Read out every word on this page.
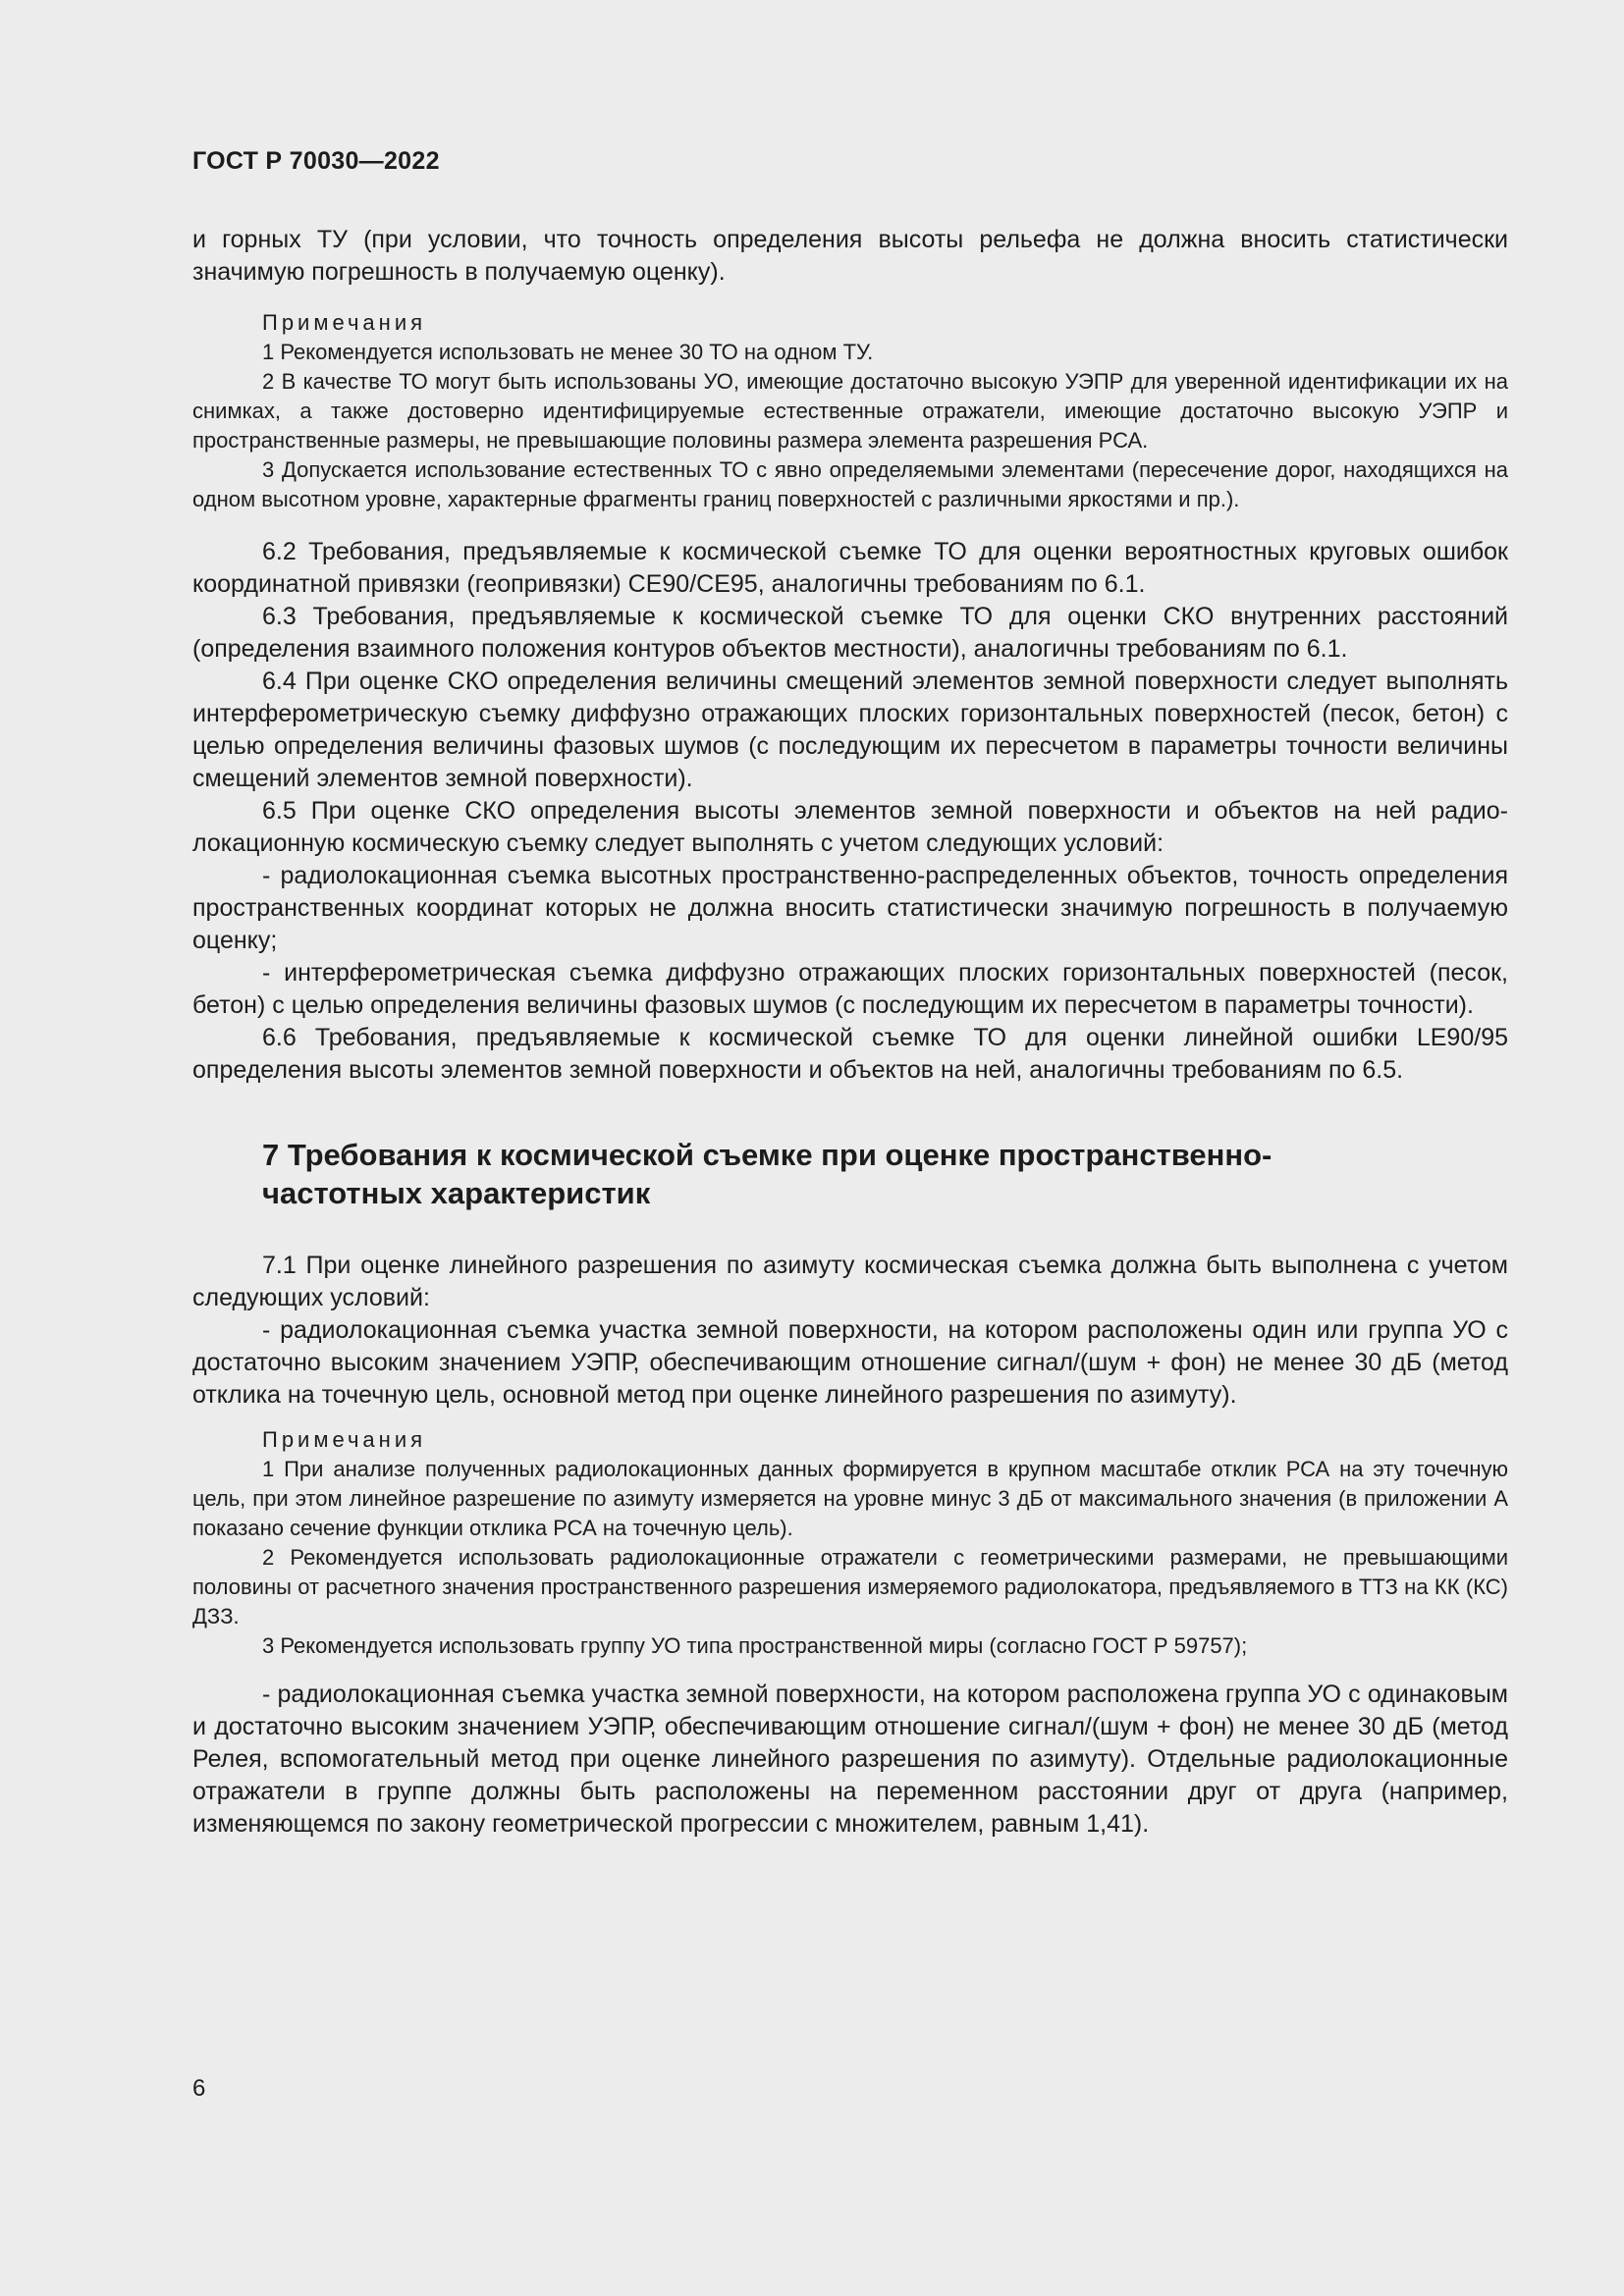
ГОСТ Р 70030—2022

и горных ТУ (при условии, что точность определения высоты рельефа не должна вносить статистически значимую погрешность в получаемую оценку).

Примечания

1 Рекомендуется использовать не менее 30 ТО на одном ТУ.

2 В качестве ТО могут быть использованы УО, имеющие достаточно высокую УЭПР для уверенной идентификации их на снимках, а также достоверно идентифицируемые естественные отражатели, имеющие достаточно высокую УЭПР и пространственные размеры, не превышающие половины размера элемента разрешения РСА.

3 Допускается использование естественных ТО с явно определяемыми элементами (пересечение дорог, находящихся на одном высотном уровне, характерные фрагменты границ поверхностей с различными яркостями и пр.).

6.2 Требования, предъявляемые к космической съемке ТО для оценки вероятностных круговых ошибок координатной привязки (геопривязки) СЕ90/СЕ95, аналогичны требованиям по 6.1.

6.3 Требования, предъявляемые к космической съемке ТО для оценки СКО внутренних расстояний (определения взаимного положения контуров объектов местности), аналогичны требованиям по 6.1.

6.4 При оценке СКО определения величины смещений элементов земной поверхности следует выполнять интерферометрическую съемку диффузно отражающих плоских горизонтальных поверхностей (песок, бетон) с целью определения величины фазовых шумов (с последующим их пересчетом в параметры точности величины смещений элементов земной поверхности).

6.5 При оценке СКО определения высоты элементов земной поверхности и объектов на ней радиолокационную космическую съемку следует выполнять с учетом следующих условий:

- радиолокационная съемка высотных пространственно-распределенных объектов, точность определения пространственных координат которых не должна вносить статистически значимую погрешность в получаемую оценку;

- интерферометрическая съемка диффузно отражающих плоских горизонтальных поверхностей (песок, бетон) с целью определения величины фазовых шумов (с последующим их пересчетом в параметры точности).

6.6 Требования, предъявляемые к космической съемке ТО для оценки линейной ошибки LE90/95 определения высоты элементов земной поверхности и объектов на ней, аналогичны требованиям по 6.5.

7 Требования к космической съемке при оценке пространственно-частотных характеристик

7.1 При оценке линейного разрешения по азимуту космическая съемка должна быть выполнена с учетом следующих условий:

- радиолокационная съемка участка земной поверхности, на котором расположены один или группа УО с достаточно высоким значением УЭПР, обеспечивающим отношение сигнал/(шум + фон) не менее 30 дБ (метод отклика на точечную цель, основной метод при оценке линейного разрешения по азимуту).

Примечания

1 При анализе полученных радиолокационных данных формируется в крупном масштабе отклик РСА на эту точечную цель, при этом линейное разрешение по азимуту измеряется на уровне минус 3 дБ от максимального значения (в приложении А показано сечение функции отклика РСА на точечную цель).

2 Рекомендуется использовать радиолокационные отражатели с геометрическими размерами, не превышающими половины от расчетного значения пространственного разрешения измеряемого радиолокатора, предъявляемого в ТТЗ на КК (КС) ДЗЗ.

3 Рекомендуется использовать группу УО типа пространственной миры (согласно ГОСТ Р 59757);

- радиолокационная съемка участка земной поверхности, на котором расположена группа УО с одинаковым и достаточно высоким значением УЭПР, обеспечивающим отношение сигнал/(шум + фон) не менее 30 дБ (метод Релея, вспомогательный метод при оценке линейного разрешения по азимуту). Отдельные радиолокационные отражатели в группе должны быть расположены на переменном расстоянии друг от друга (например, изменяющемся по закону геометрической прогрессии с множителем, равным 1,41).

6
